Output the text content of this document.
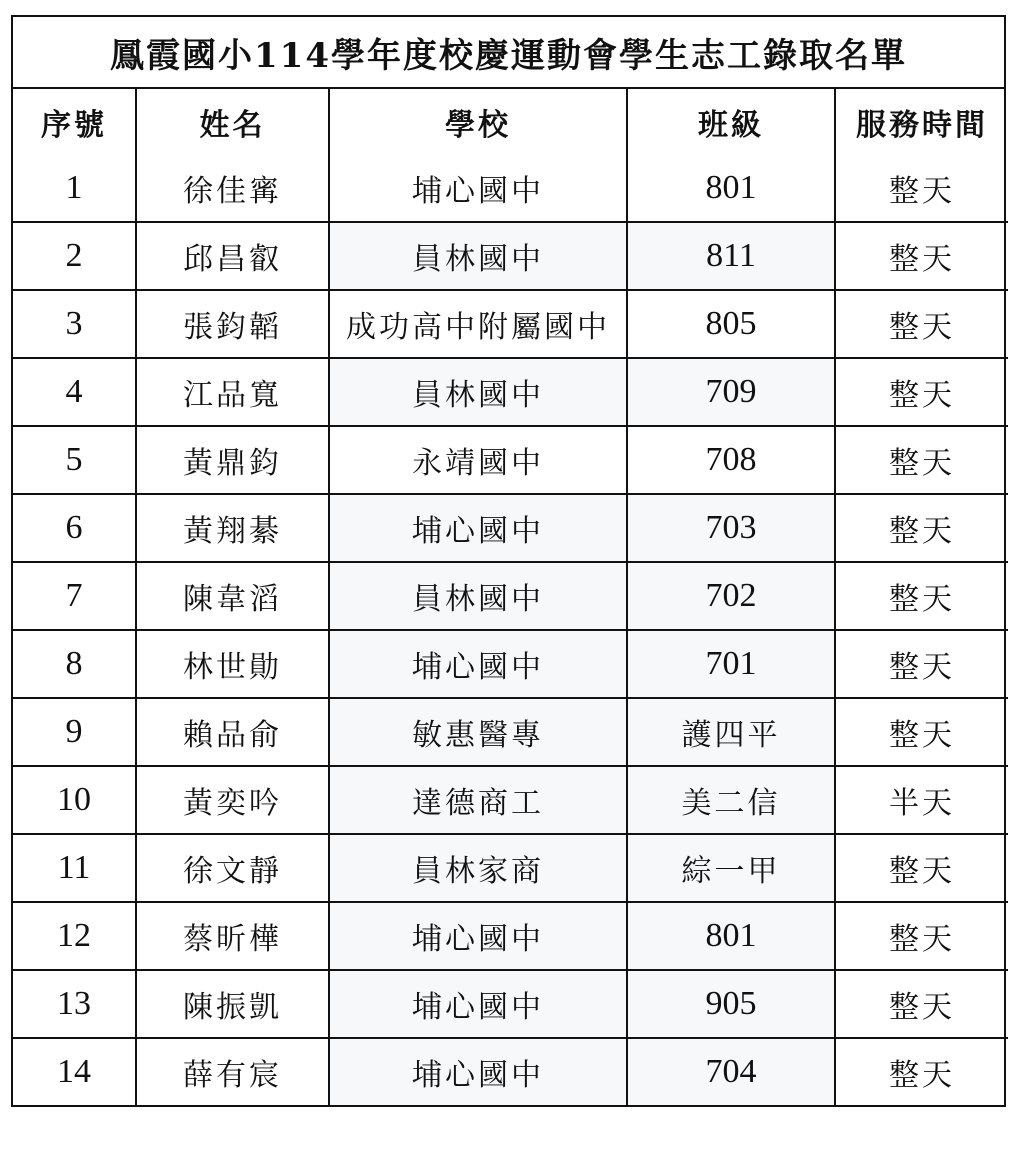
鳳霞國小114學年度校慶運動會學生志工錄取名單
序號	姓名	學校	班級	服務時間
1	徐佳寗	埔心國中	801	整天
2	邱昌叡	員林國中	811	整天
3	張鈞韜	成功高中附屬國中	805	整天
4	江品寬	員林國中	709	整天
5	黃鼎鈞	永靖國中	708	整天
6	黃翔綦	埔心國中	703	整天
7	陳韋滔	員林國中	702	整天
8	林世勛	埔心國中	701	整天
9	賴品俞	敏惠醫專	護四平	整天
10	黃奕吟	達德商工	美二信	半天
11	徐文靜	員林家商	綜一甲	整天
12	蔡昕樺	埔心國中	801	整天
13	陳振凱	埔心國中	905	整天
14	薛有宸	埔心國中	704	整天
